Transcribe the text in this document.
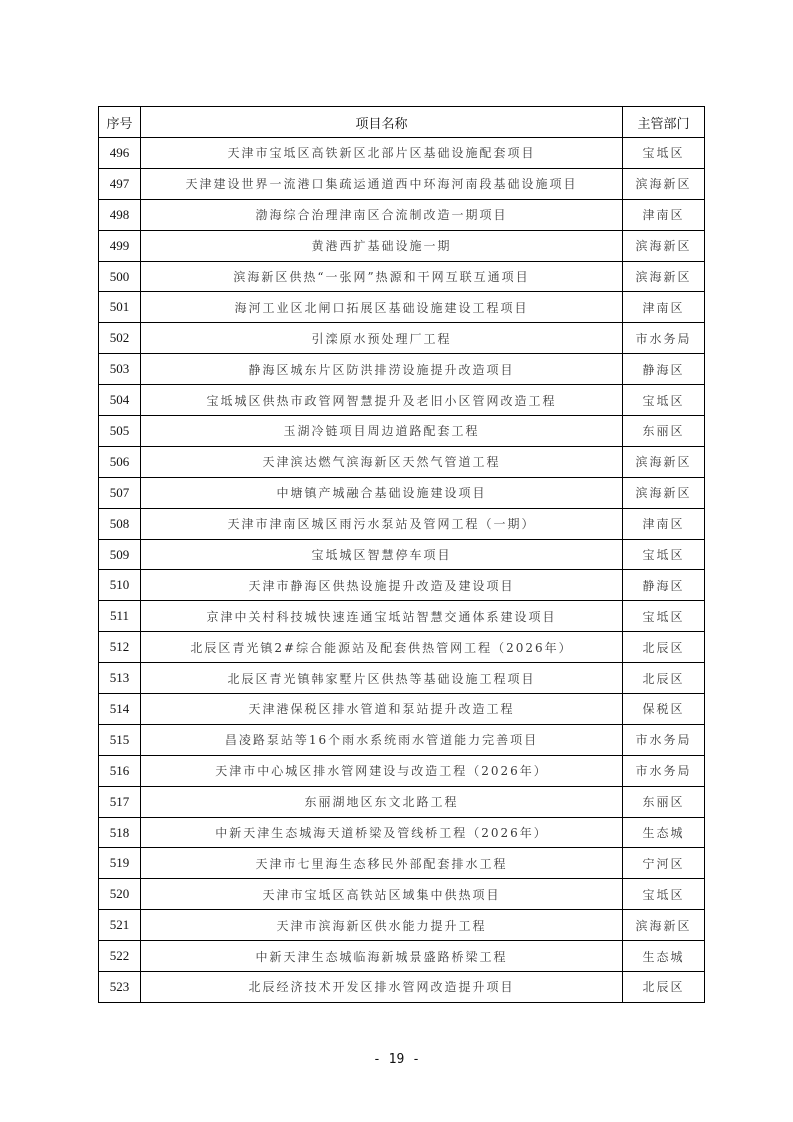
序号	项目名称	主管部门
496	天津市宝坻区高铁新区北部片区基础设施配套项目	宝坻区
497	天津建设世界一流港口集疏运通道西中环海河南段基础设施项目	滨海新区
498	渤海综合治理津南区合流制改造一期项目	津南区
499	黄港西扩基础设施一期	滨海新区
500	滨海新区供热“一张网”热源和干网互联互通项目	滨海新区
501	海河工业区北闸口拓展区基础设施建设工程项目	津南区
502	引滦原水预处理厂工程	市水务局
503	静海区城东片区防洪排涝设施提升改造项目	静海区
504	宝坻城区供热市政管网智慧提升及老旧小区管网改造工程	宝坻区
505	玉湖冷链项目周边道路配套工程	东丽区
506	天津滨达燃气滨海新区天然气管道工程	滨海新区
507	中塘镇产城融合基础设施建设项目	滨海新区
508	天津市津南区城区雨污水泵站及管网工程（一期）	津南区
509	宝坻城区智慧停车项目	宝坻区
510	天津市静海区供热设施提升改造及建设项目	静海区
511	京津中关村科技城快速连通宝坻站智慧交通体系建设项目	宝坻区
512	北辰区青光镇2#综合能源站及配套供热管网工程（2026年）	北辰区
513	北辰区青光镇韩家墅片区供热等基础设施工程项目	北辰区
514	天津港保税区排水管道和泵站提升改造工程	保税区
515	昌凌路泵站等16个雨水系统雨水管道能力完善项目	市水务局
516	天津市中心城区排水管网建设与改造工程（2026年）	市水务局
517	东丽湖地区东文北路工程	东丽区
518	中新天津生态城海天道桥梁及管线桥工程（2026年）	生态城
519	天津市七里海生态移民外部配套排水工程	宁河区
520	天津市宝坻区高铁站区域集中供热项目	宝坻区
521	天津市滨海新区供水能力提升工程	滨海新区
522	中新天津生态城临海新城景盛路桥梁工程	生态城
523	北辰经济技术开发区排水管网改造提升项目	北辰区
- 19 -
